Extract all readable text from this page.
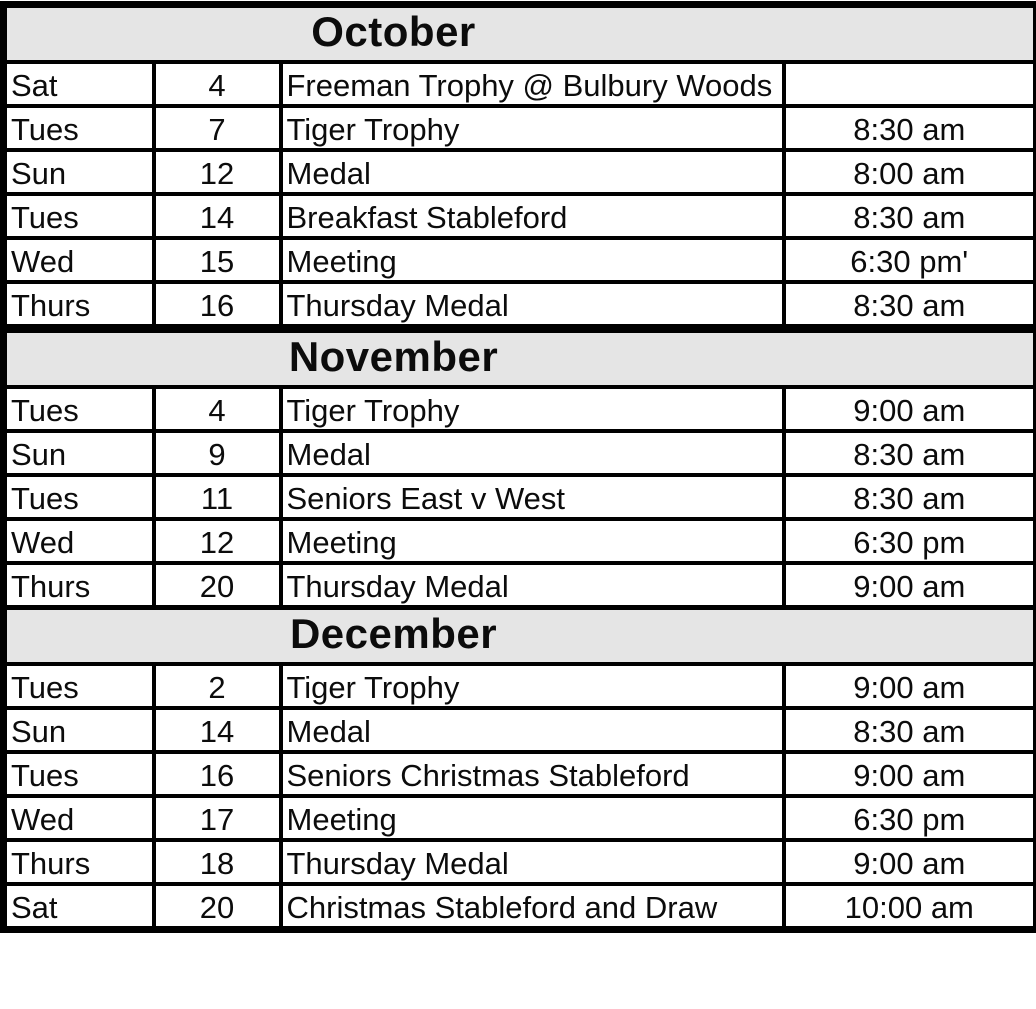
October			
Sat	4	Freeman Trophy @ Bulbury Woods	
Tues	7	Tiger Trophy	8:30 am
Sun	12	Medal	8:00 am
Tues	14	Breakfast Stableford	8:30 am
Wed	15	Meeting	6:30 pm'
Thurs	16	Thursday Medal	8:30 am
November			
Tues	4	Tiger Trophy	9:00 am
Sun	9	Medal	8:30 am
Tues	11	Seniors East v West	8:30 am
Wed	12	Meeting	6:30 pm
Thurs	20	Thursday Medal	9:00 am
December			
Tues	2	Tiger Trophy	9:00 am
Sun	14	Medal	8:30 am
Tues	16	Seniors Christmas Stableford	9:00 am
Wed	17	Meeting	6:30 pm
Thurs	18	Thursday Medal	9:00 am
Sat	20	Christmas Stableford and Draw	10:00 am
